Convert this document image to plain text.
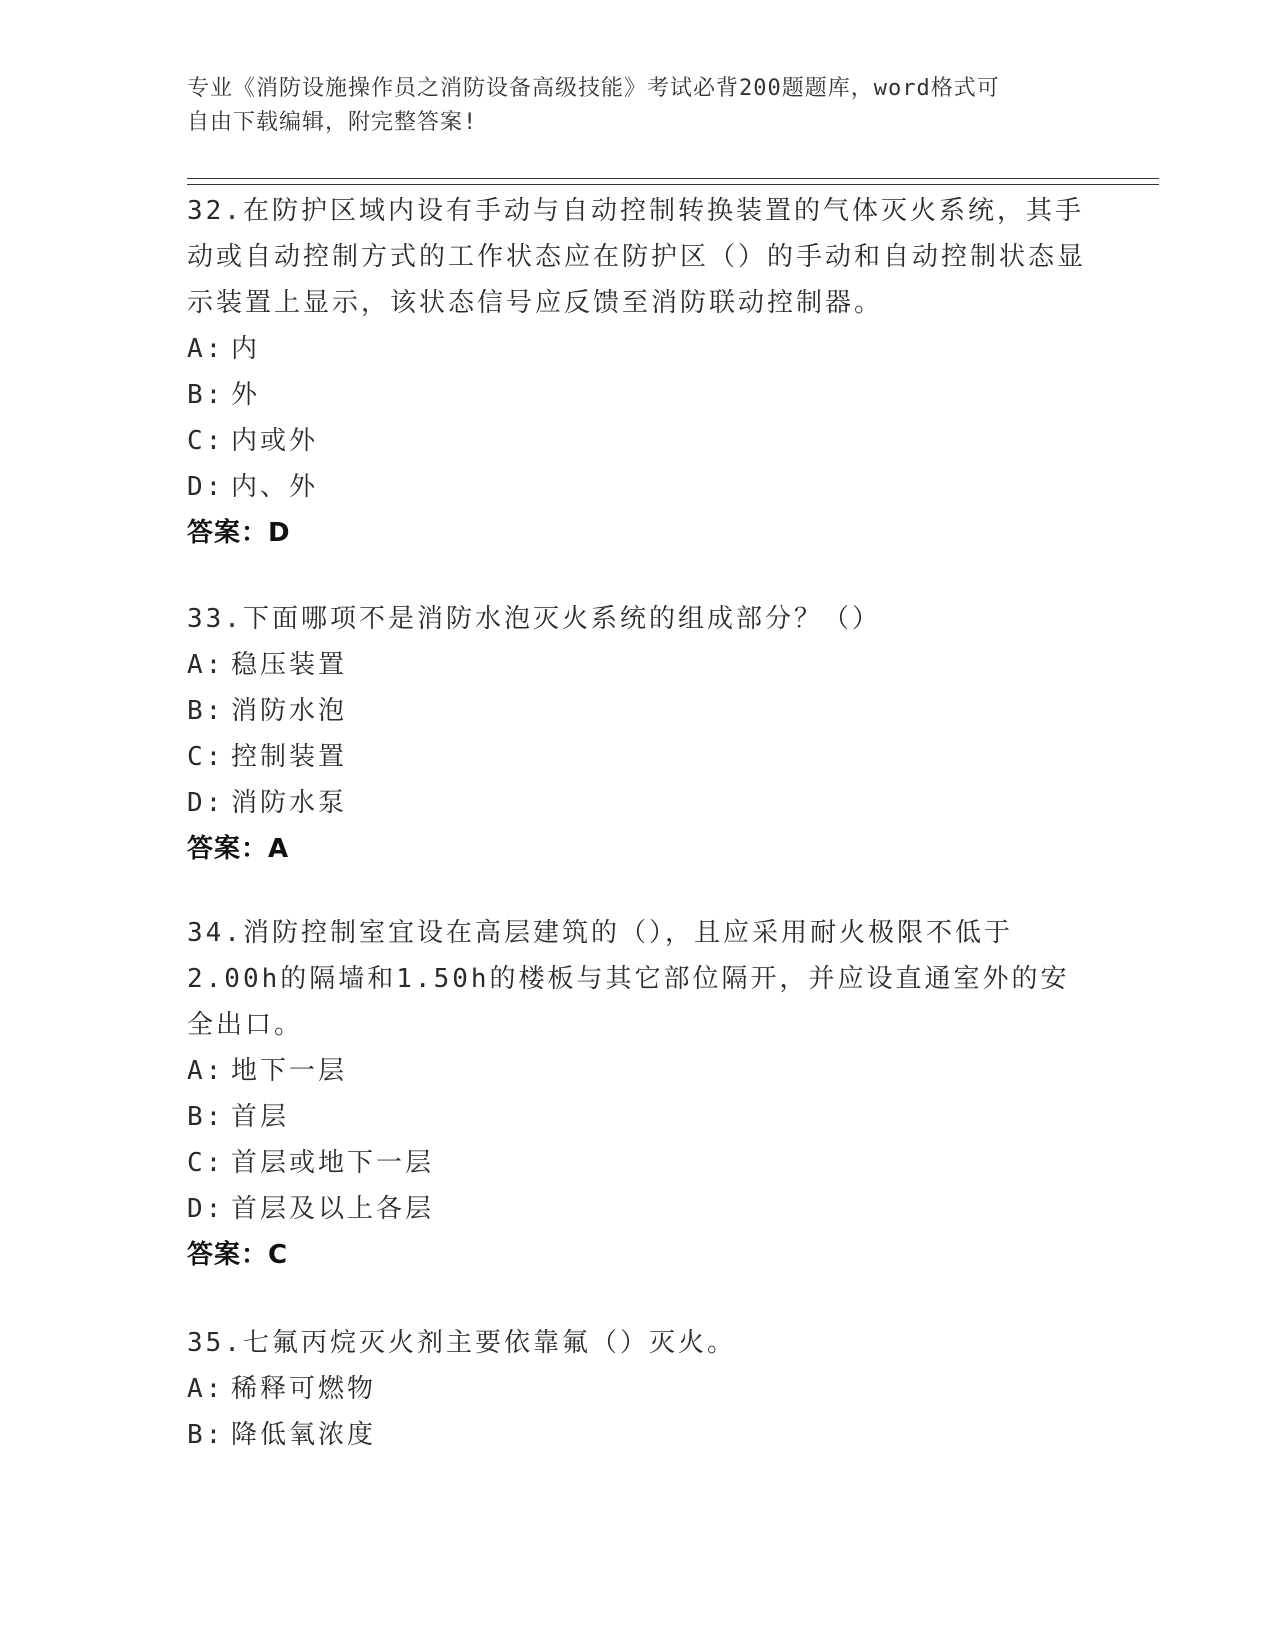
专业《消防设施操作员之消防设备高级技能》考试必背200题题库，word格式可

自由下载编辑，附完整答案!

32.在防护区域内设有手动与自动控制转换装置的气体灭火系统，其手动或自动控制方式的工作状态应在防护区（）的手动和自动控制状态显示装置上显示，该状态信号应反馈至消防联动控制器。

A: 内

B: 外

C: 内或外

D: 内、外

答案：D

33.下面哪项不是消防水泡灭火系统的组成部分？（）

A: 稳压装置

B: 消防水泡

C: 控制装置

D: 消防水泵

答案：A

34.消防控制室宜设在高层建筑的（），且应采用耐火极限不低于2.00h的隔墙和1.50h的楼板与其它部位隔开，并应设直通室外的安全出口。

A: 地下一层

B: 首层

C: 首层或地下一层

D: 首层及以上各层

答案：C

35.七氟丙烷灭火剂主要依靠氟（）灭火。

A: 稀释可燃物

B: 降低氧浓度
